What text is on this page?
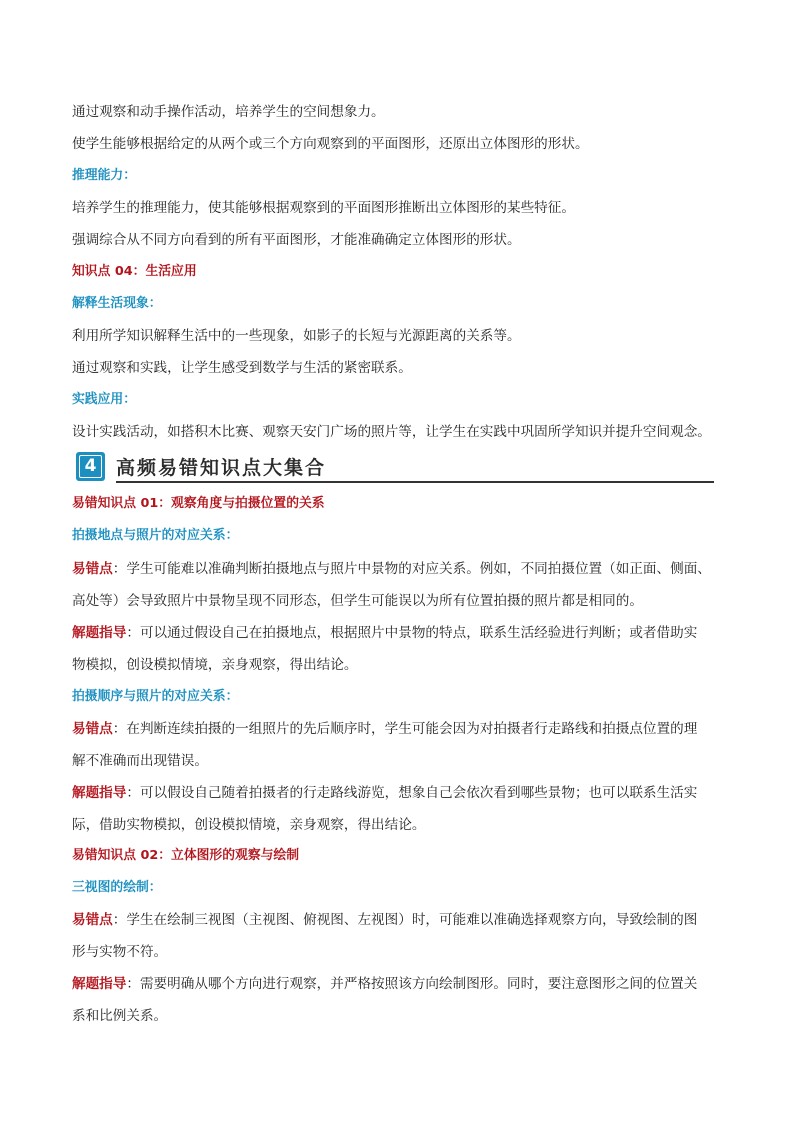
通过观察和动手操作活动，培养学生的空间想象力。

使学生能够根据给定的从两个或三个方向观察到的平面图形，还原出立体图形的形状。

推理能力：

培养学生的推理能力，使其能够根据观察到的平面图形推断出立体图形的某些特征。

强调综合从不同方向看到的所有平面图形，才能准确确定立体图形的形状。

知识点 04：生活应用

解释生活现象：

利用所学知识解释生活中的一些现象，如影子的长短与光源距离的关系等。

通过观察和实践，让学生感受到数学与生活的紧密联系。

实践应用：

设计实践活动，如搭积木比赛、观察天安门广场的照片等，让学生在实践中巩固所学知识并提升空间观念。

4 高频易错知识点大集合

易错知识点 01：观察角度与拍摄位置的关系

拍摄地点与照片的对应关系：

易错点：学生可能难以准确判断拍摄地点与照片中景物的对应关系。例如，不同拍摄位置（如正面、侧面、

高处等）会导致照片中景物呈现不同形态，但学生可能误以为所有位置拍摄的照片都是相同的。

解题指导：可以通过假设自己在拍摄地点，根据照片中景物的特点，联系生活经验进行判断；或者借助实

物模拟，创设模拟情境，亲身观察，得出结论。

拍摄顺序与照片的对应关系：

易错点：在判断连续拍摄的一组照片的先后顺序时，学生可能会因为对拍摄者行走路线和拍摄点位置的理

解不准确而出现错误。

解题指导：可以假设自己随着拍摄者的行走路线游览，想象自己会依次看到哪些景物；也可以联系生活实

际，借助实物模拟，创设模拟情境，亲身观察，得出结论。

易错知识点 02：立体图形的观察与绘制

三视图的绘制：

易错点：学生在绘制三视图（主视图、俯视图、左视图）时，可能难以准确选择观察方向，导致绘制的图

形与实物不符。

解题指导：需要明确从哪个方向进行观察，并严格按照该方向绘制图形。同时，要注意图形之间的位置关

系和比例关系。
